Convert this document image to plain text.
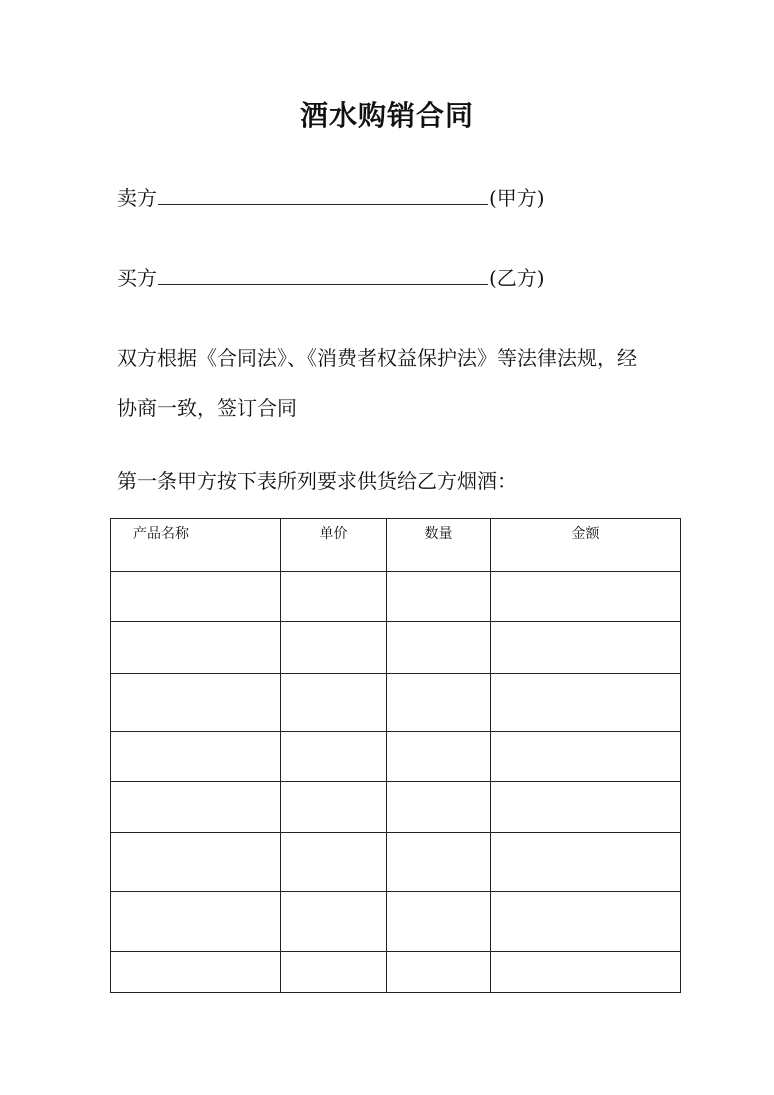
酒水购销合同
卖方	(甲方)
买方	(乙方)
双方根据《合同法》、《消费者权益保护法》等法律法规，经
协商一致，签订合同
第一条甲方按下表所列要求供货给乙方烟酒：
产品名称	单价	数量	金额
